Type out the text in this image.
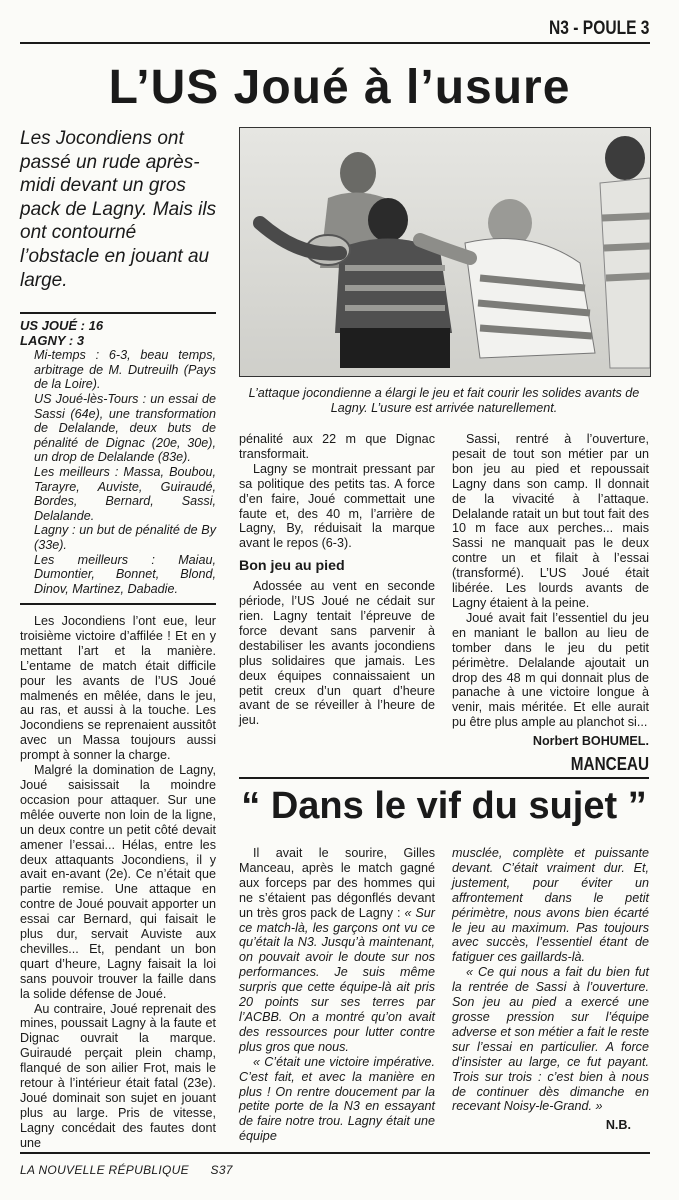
N3 - POULE 3
L’US Joué à l’usure
Les Jocondiens ont passé un rude après-midi devant un gros pack de Lagny. Mais ils ont contourné l’obstacle en jouant au large.
L’attaque jocondienne a élargi le jeu et fait courir les solides avants de Lagny. L’usure est arrivée naturellement.

US JOUÉ : 16

LAGNY : 3

Mi-temps : 6-3, beau temps, arbitrage de M. Dutreuilh (Pays de la Loire).

US Joué-lès-Tours : un essai de Sassi (64e), une transformation de Delalande, deux buts de pénalité de Dignac (20e, 30e), un drop de Delalande (83e).

Les meilleurs : Massa, Boubou, Tarayre, Auviste, Guiraudé, Bordes, Bernard, Sassi, Delalande.

Lagny : un but de pénalité de By (33e).

Les meilleurs : Maiau, Dumontier, Bonnet, Blond, Dinov, Martinez, Dabadie.

Les Jocondiens l’ont eue, leur troisième victoire d’affilée ! Et en y mettant l’art et la manière. L’entame de match était difficile pour les avants de l’US Joué malmenés en mêlée, dans le jeu, au ras, et aussi à la touche. Les Jocondiens se reprenaient aussitôt avec un Massa toujours aussi prompt à sonner la charge.

Malgré la domination de Lagny, Joué saisissait la moindre occasion pour attaquer. Sur une mêlée ouverte non loin de la ligne, un deux contre un petit côté devait amener l’essai... Hélas, entre les deux attaquants Jocondiens, il y avait en-avant (2e). Ce n’était que partie remise. Une attaque en contre de Joué pouvait apporter un essai car Bernard, qui faisait le plus dur, servait Auviste aux chevilles... Et, pendant un bon quart d’heure, Lagny faisait la loi sans pouvoir trouver la faille dans la solide défense de Joué.

Au contraire, Joué reprenait des mines, poussait Lagny à la faute et Dignac ouvrait la marque. Guiraudé perçait plein champ, flanqué de son ailier Frot, mais le retour à l’intérieur était fatal (23e). Joué dominait son sujet en jouant plus au large. Pris de vitesse, Lagny concédait des fautes dont une

pénalité aux 22 m que Dignac transformait.

Lagny se montrait pressant par sa politique des petits tas. A force d’en faire, Joué commettait une faute et, des 40 m, l’arrière de Lagny, By, réduisait la marque avant le repos (6-3).

Bon jeu au pied

Adossée au vent en seconde période, l’US Joué ne cédait sur rien. Lagny tentait l’épreuve de force devant sans parvenir à destabiliser les avants jocondiens plus solidaires que jamais. Les deux équipes connaissaient un petit creux d’un quart d’heure avant de se réveiller à l’heure de jeu.

Sassi, rentré à l’ouverture, pesait de tout son métier par un bon jeu au pied et repoussait Lagny dans son camp. Il donnait de la vivacité à l’attaque. Delalande ratait un but tout fait des 10 m face aux perches... mais Sassi ne manquait pas le deux contre un et filait à l’essai (transformé). L’US Joué était libérée. Les lourds avants de Lagny étaient à la peine.

Joué avait fait l’essentiel du jeu en maniant le ballon au lieu de tomber dans le jeu du petit périmètre. Delalande ajoutait un drop des 48 m qui donnait plus de panache à une victoire longue à venir, mais méritée. Et elle aurait pu être plus ample au planchot si...

Norbert BOHUMEL.

MANCEAU
“ Dans le vif du sujet ”

Il avait le sourire, Gilles Manceau, après le match gagné aux forceps par des hommes qui ne s’étaient pas dégonflés devant un très gros pack de Lagny : « Sur ce match-là, les garçons ont vu ce qu’était la N3. Jusqu’à maintenant, on pouvait avoir le doute sur nos performances. Je suis même surpris que cette équipe-là ait pris 20 points sur ses terres par l’ACBB. On a montré qu’on avait des ressources pour lutter contre plus gros que nous.

« C’était une victoire impérative. C’est fait, et avec la manière en plus ! On rentre doucement par la petite porte de la N3 en essayant de faire notre trou. Lagny était une équipe

musclée, complète et puissante devant. C’était vraiment dur. Et, justement, pour éviter un affrontement dans le petit périmètre, nous avons bien écarté le jeu au maximum. Pas toujours avec succès, l’essentiel étant de fatiguer ces gaillards-là.

« Ce qui nous a fait du bien fut la rentrée de Sassi à l’ouverture. Son jeu au pied a exercé une grosse pression sur l’équipe adverse et son métier a fait le reste sur l’essai en particulier. A force d’insister au large, ce fut payant. Trois sur trois : c’est bien à nous de continuer dès dimanche en recevant Noisy-le-Grand. »

N.B.

LA NOUVELLE RÉPUBLIQUE S37
